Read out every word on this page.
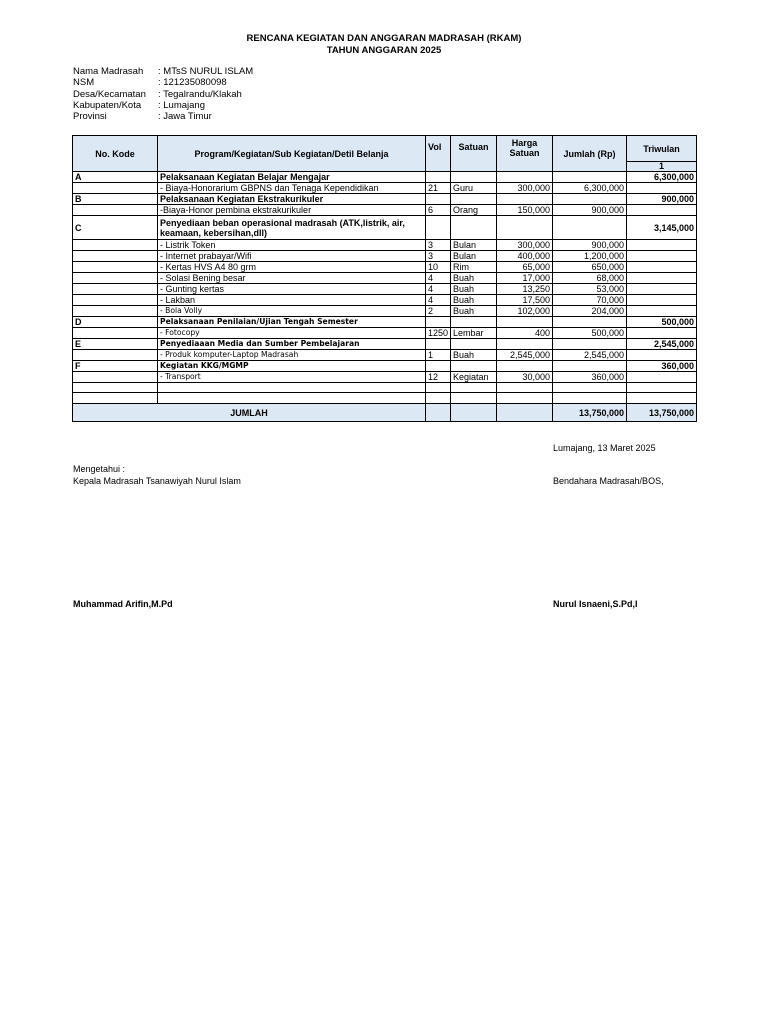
RENCANA KEGIATAN DAN ANGGARAN MADRASAH (RKAM)
TAHUN ANGGARAN 2025
Nama Madrasah	: MTsS NURUL ISLAM
NSM	: 121235080098
Desa/Kecamatan	: Tegalrandu/Klakah
Kabupaten/Kota	: Lumajang
Provinsi	: Jawa Timur
No. Kode	Program/Kegiatan/Sub Kegiatan/Detil Belanja	Vol	Satuan	Harga Satuan	Jumlah (Rp)	Triwulan
						1
A	Pelaksanaan Kegiatan Belajar Mengajar					6,300,000
	- Biaya-Honorarium GBPNS dan Tenaga Kependidikan	21	Guru	300,000	6,300,000	
B	Pelaksanaan Kegiatan Ekstrakurikuler					900,000
	-Biaya-Honor pembina ekstrakurikuler	6	Orang	150,000	900,000	
C	Penyediaan beban operasional madrasah (ATK,listrik, air, keamaan, kebersihan,dll)					3,145,000
	- Listrik Token	3	Bulan	300,000	900,000	
	- Internet prabayar/Wifi	3	Bulan	400,000	1,200,000	
	- Kertas HVS A4 80 grm	10	Rim	65,000	650,000	
	- Solasi Bening besar	4	Buah	17,000	68,000	
	- Gunting kertas	4	Buah	13,250	53,000	
	- Lakban	4	Buah	17,500	70,000	
	- Bola Volly	2	Buah	102,000	204,000	
D	Pelaksanaan Penilaian/Ujian Tengah Semester					500,000
	- Fotocopy	1250	Lembar	400	500,000	
E	Penyediaaan Media dan Sumber Pembelajaran					2,545,000
	- Produk komputer-Laptop Madrasah	1	Buah	2,545,000	2,545,000	
F	Kegiatan KKG/MGMP					360,000
	- Transport	12	Kegiatan	30,000	360,000	

JUMLAH					13,750,000	13,750,000
Lumajang, 13 Maret 2025
Mengetahui :
Kepala Madrasah Tsanawiyah Nurul Islam	Bendahara Madrasah/BOS,
Muhammad Arifin,M.Pd	Nurul Isnaeni,S.Pd,I
